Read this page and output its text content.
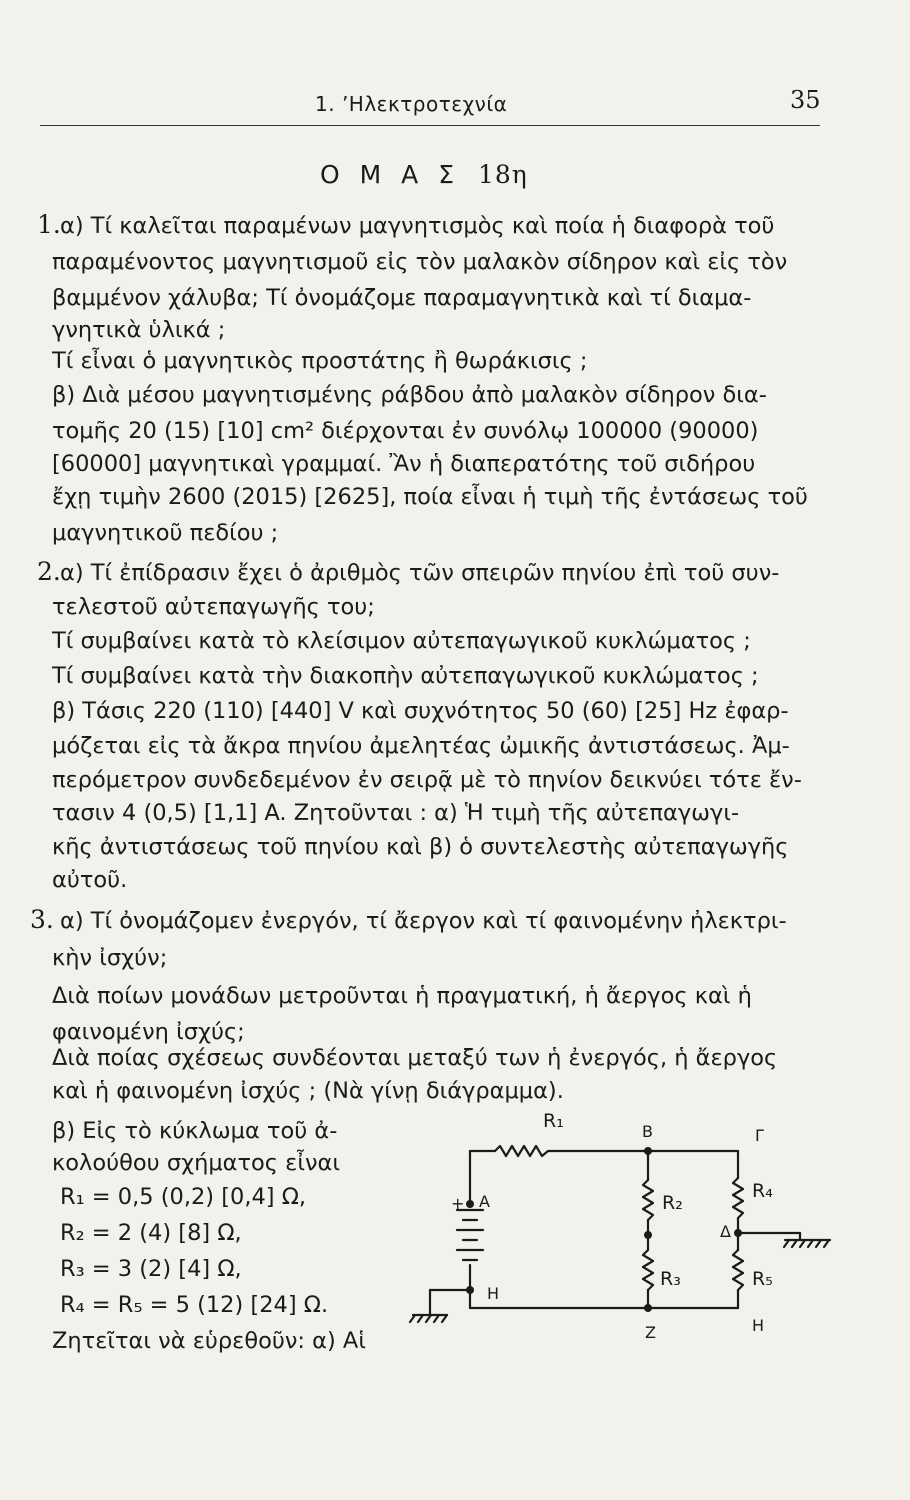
1. ’Ηλεκτροτεχνία	35
Ο Μ Α Σ 18η
1. α) Τί καλεῖται παραμένων μαγνητισμὸς καὶ ποία ἡ διαφορὰ τοῦ
παραμένοντος μαγνητισμοῦ εἰς τὸν μαλακὸν σίδηρον καὶ εἰς τὸν
βαμμένον χάλυβα; Τί ὀνομάζομε παραμαγνητικὰ καὶ τί διαμα-
γνητικὰ ὑλικά ;
Τί εἶναι ὁ μαγνητικὸς προστάτης ἢ θωράκισις ;
β) Διὰ μέσου μαγνητισμένης ράβδου ἀπὸ μαλακὸν σίδηρον δια-
τομῆς 20 (15) [10] cm² διέρχονται ἐν συνόλῳ 100000 (90000)
[60000] μαγνητικαὶ γραμμαί. Ἂν ἡ διαπερατότης τοῦ σιδήρου
ἔχῃ τιμὴν 2600 (2015) [2625], ποία εἶναι ἡ τιμὴ τῆς ἐντάσεως τοῦ
μαγνητικοῦ πεδίου ;
2. α) Τί ἐπίδρασιν ἔχει ὁ ἀριθμὸς τῶν σπειρῶν πηνίου ἐπὶ τοῦ συν-
τελεστοῦ αὐτεπαγωγῆς του;
Τί συμβαίνει κατὰ τὸ κλείσιμον αὐτεπαγωγικοῦ κυκλώματος ;
Τί συμβαίνει κατὰ τὴν διακοπὴν αὐτεπαγωγικοῦ κυκλώματος ;
β) Τάσις 220 (110) [440] V καὶ συχνότητος 50 (60) [25] Hz ἐφαρ-
μόζεται εἰς τὰ ἄκρα πηνίου ἀμελητέας ὠμικῆς ἀντιστάσεως. Ἀμ-
περόμετρον συνδεδεμένον ἐν σειρᾷ μὲ τὸ πηνίον δεικνύει τότε ἔν-
τασιν 4 (0,5) [1,1] A. Ζητοῦνται : α) Ἡ τιμὴ τῆς αὐτεπαγωγι-
κῆς ἀντιστάσεως τοῦ πηνίου καὶ β) ὁ συντελεστὴς αὐτεπαγωγῆς
αὐτοῦ.
3. α) Τί ὀνομάζομεν ἐνεργόν, τί ἄεργον καὶ τί φαινομένην ἠλεκτρι-
κὴν ἰσχύν;
Διὰ ποίων μονάδων μετροῦνται ἡ πραγματική, ἡ ἄεργος καὶ ἡ
φαινομένη ἰσχύς;
Διὰ ποίας σχέσεως συνδέονται μεταξύ των ἡ ἐνεργός, ἡ ἄεργος
καὶ ἡ φαινομένη ἰσχύς ; (Νὰ γίνῃ διάγραμμα).
β) Εἰς τὸ κύκλωμα τοῦ ἀ-
κολούθου σχήματος εἶναι
R₁ = 0,5 (0,2) [0,4] Ω,
R₂ = 2 (4) [8] Ω,
R₃ = 3 (2) [4] Ω,
R₄ = R₅ = 5 (12) [24] Ω.
Ζητεῖται νὰ εὑρεθοῦν: α) Αἱ
R₁	B	Γ
+ A	R₂
R₄
Δ
R₃	R₅
H
Z	H
